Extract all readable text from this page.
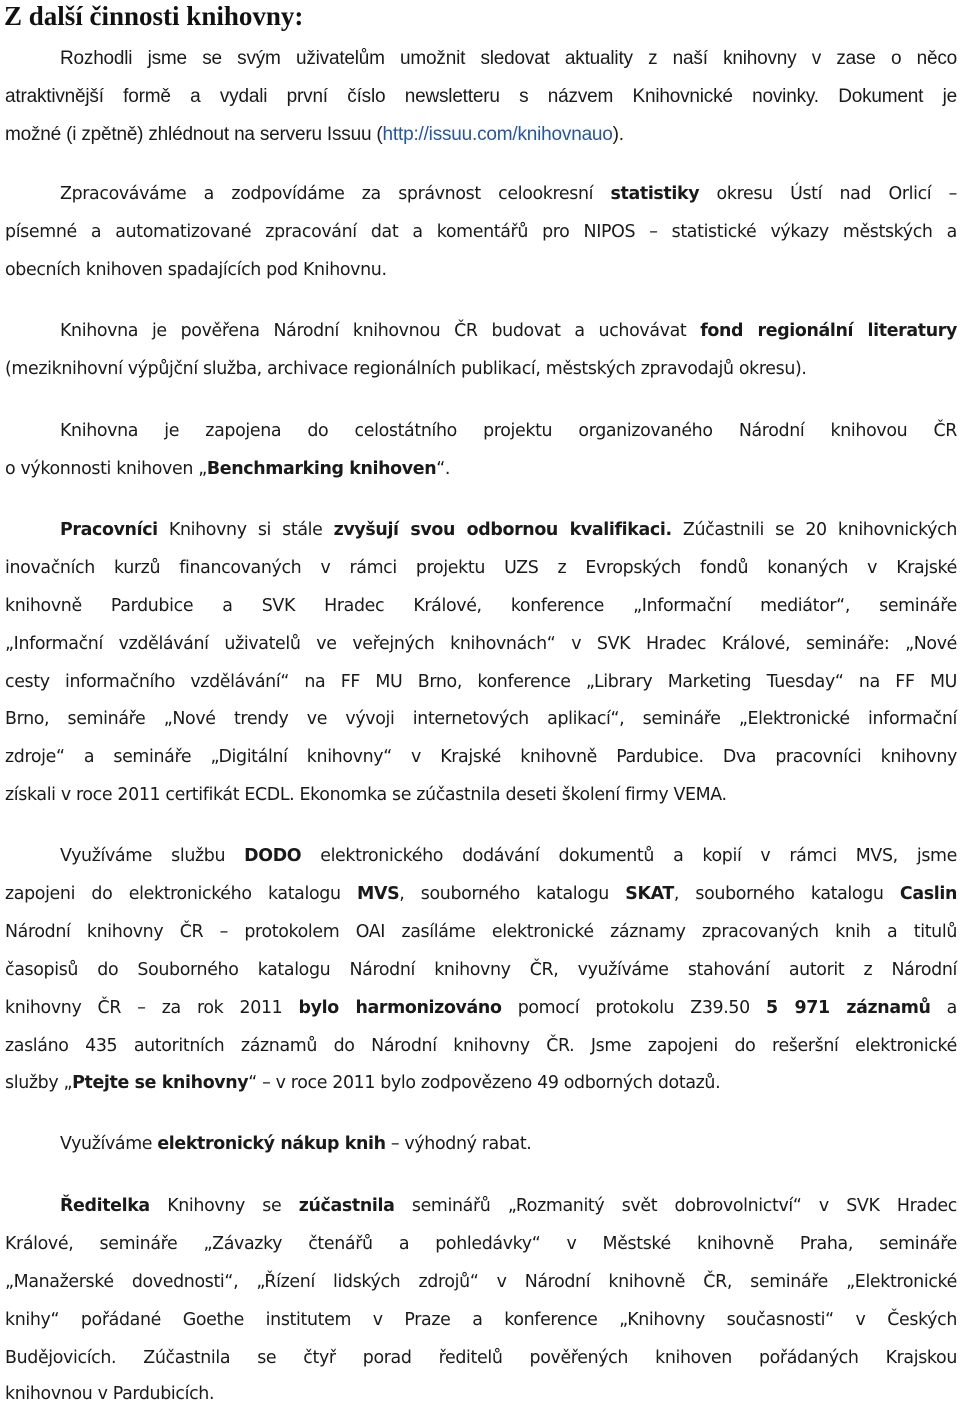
Z další činnosti knihovny:
Rozhodli jsme se svým uživatelům umožnit sledovat aktuality z naší knihovny v zase o něco
atraktivnější formě a vydali první číslo newsletteru s názvem Knihovnické novinky. Dokument je
možné (i zpětně) zhlédnout na serveru Issuu (http://issuu.com/knihovnauo).
Zpracováváme a zodpovídáme za správnost celookresní statistiky okresu Ústí nad Orlicí –
písemné a automatizované zpracování dat a komentářů pro NIPOS – statistické výkazy městských a
obecních knihoven spadajících pod Knihovnu.
Knihovna je pověřena Národní knihovnou ČR budovat a uchovávat fond regionální literatury
(meziknihovní výpůjční služba, archivace regionálních publikací, městských zpravodajů okresu).
Knihovna je zapojena do celostátního projektu organizovaného Národní knihovou ČR
o výkonnosti knihoven „Benchmarking knihoven“.
Pracovníci Knihovny si stále zvyšují svou odbornou kvalifikaci. Zúčastnili se 20 knihovnických
inovačních kurzů financovaných v rámci projektu UZS z Evropských fondů konaných v Krajské
knihovně Pardubice a SVK Hradec Králové, konference „Informační mediátor“, semináře
„Informační vzdělávání uživatelů ve veřejných knihovnách“ v SVK Hradec Králové, semináře: „Nové
cesty informačního vzdělávání“ na FF MU Brno, konference „Library Marketing Tuesday“ na FF MU
Brno, semináře „Nové trendy ve vývoji internetových aplikací“, semináře „Elektronické informační
zdroje“ a semináře „Digitální knihovny“ v Krajské knihovně Pardubice. Dva pracovníci knihovny
získali v roce 2011 certifikát ECDL. Ekonomka se zúčastnila deseti školení firmy VEMA.
Využíváme službu DODO elektronického dodávání dokumentů a kopií v rámci MVS, jsme
zapojeni do elektronického katalogu MVS, souborného katalogu SKAT, souborného katalogu Caslin
Národní knihovny ČR – protokolem OAI zasíláme elektronické záznamy zpracovaných knih a titulů
časopisů do Souborného katalogu Národní knihovny ČR, využíváme stahování autorit z Národní
knihovny ČR – za rok 2011 bylo harmonizováno pomocí protokolu Z39.50 5 971 záznamů a
zasláno 435 autoritních záznamů do Národní knihovny ČR. Jsme zapojeni do rešeršní elektronické
služby „Ptejte se knihovny“ – v roce 2011 bylo zodpovězeno 49 odborných dotazů.
Využíváme elektronický nákup knih – výhodný rabat.
Ředitelka Knihovny se zúčastnila seminářů „Rozmanitý svět dobrovolnictví“ v SVK Hradec
Králové, semináře „Závazky čtenářů a pohledávky“ v Městské knihovně Praha, semináře
„Manažerské dovednosti“, „Řízení lidských zdrojů“ v Národní knihovně ČR, semináře „Elektronické
knihy“ pořádané Goethe institutem v Praze a konference „Knihovny současnosti“ v Českých
Budějovicích. Zúčastnila se čtyř porad ředitelů pověřených knihoven pořádaných Krajskou
knihovnou v Pardubicích.
